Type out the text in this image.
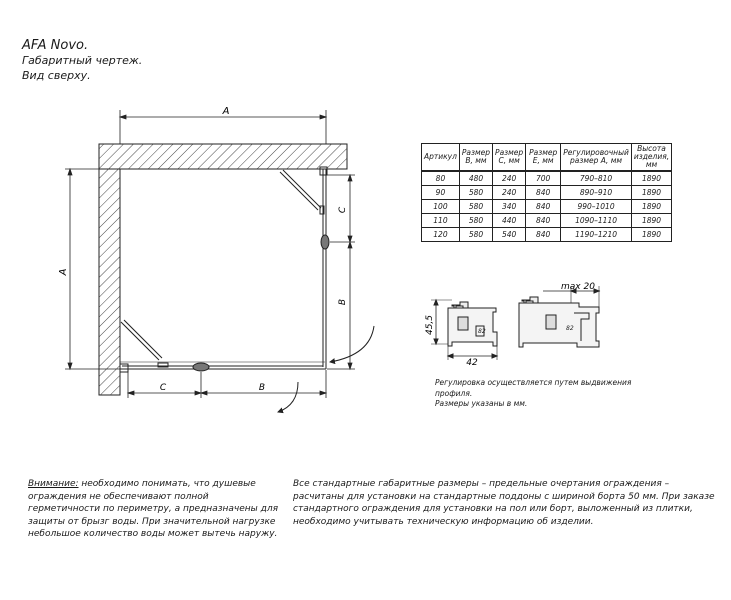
AFA Novo.
Габаритный чертеж.
Вид сверху.
A
A
C
B
C	B
82
45,5
42
82
max 20
Артикул	Размер B, мм	Размер C, мм	Размер E, мм	Регулировочный размер А, мм	Высота изделия, мм
80	480	240	700	790–810	1890
90	580	240	840	890–910	1890
100	580	340	840	990–1010	1890
110	580	440	840	1090–1110	1890
120	580	540	840	1190–1210	1890
Регулировка осуществляется путем выдвижения
профиля.
Размеры указаны в мм.
Внимание: необходимо понимать, что душевые ограждения не обеспечивают полной герметичности по периметру, а предназначены для защиты от брызг воды. При значительной нагрузке небольшое количество воды может вытечь наружу.
Все стандартные габаритные размеры – предельные очертания ограждения – расчитаны для установки на стандартные поддоны с шириной борта 50 мм. При заказе стандартного ограждения для установки на пол или борт, выложенный из плитки, необходимо учитывать техническую информацию об изделии.
